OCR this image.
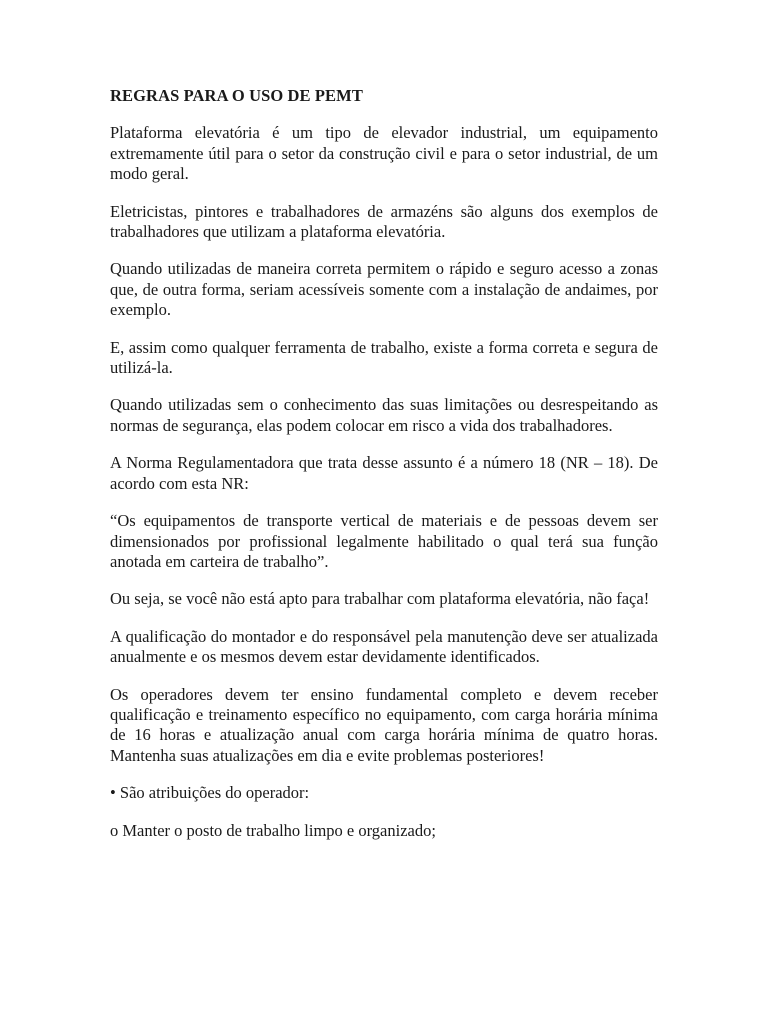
REGRAS PARA O USO DE PEMT

Plataforma elevatória é um tipo de elevador industrial, um equipamento extremamente útil para o setor da construção civil e para o setor industrial, de um modo geral.

Eletricistas, pintores e trabalhadores de armazéns são alguns dos exemplos de trabalhadores que utilizam a plataforma elevatória.

Quando utilizadas de maneira correta permitem o rápido e seguro acesso a zonas que, de outra forma, seriam acessíveis somente com a instalação de andaimes, por exemplo.

E, assim como qualquer ferramenta de trabalho, existe a forma correta e segura de utilizá-la.

Quando utilizadas sem o conhecimento das suas limitações ou desrespeitando as normas de segurança, elas podem colocar em risco a vida dos trabalhadores.

A Norma Regulamentadora que trata desse assunto é a número 18 (NR – 18). De acordo com esta NR:

“Os equipamentos de transporte vertical de materiais e de pessoas devem ser dimensionados por profissional legalmente habilitado o qual terá sua função anotada em carteira de trabalho”.

Ou seja, se você não está apto para trabalhar com plataforma elevatória, não faça!

A qualificação do montador e do responsável pela manutenção deve ser atualizada anualmente e os mesmos devem estar devidamente identificados.

Os operadores devem ter ensino fundamental completo e devem receber qualificação e treinamento específico no equipamento, com carga horária mínima de 16 horas e atualização anual com carga horária mínima de quatro horas. Mantenha suas atualizações em dia e evite problemas posteriores!

• São atribuições do operador:

o Manter o posto de trabalho limpo e organizado;
